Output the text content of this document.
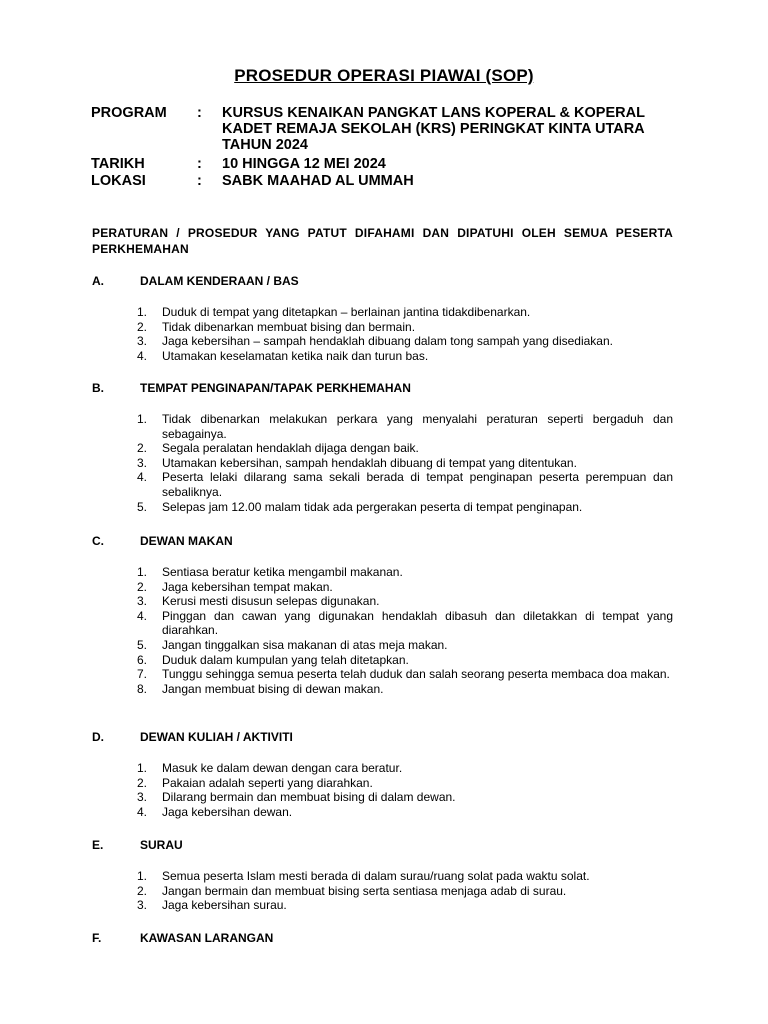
PROSEDUR OPERASI PIAWAI (SOP)
PROGRAM : KURSUS KENAIKAN PANGKAT LANS KOPERAL & KOPERAL KADET REMAJA SEKOLAH (KRS) PERINGKAT KINTA UTARA TAHUN 2024
TARIKH	: 10 HINGGA 12 MEI 2024
LOKASI	: SABK MAAHAD AL UMMAH
PERATURAN / PROSEDUR YANG PATUT DIFAHAMI DAN DIPATUHI OLEH SEMUA PESERTA PERKHEMAHAN
A.	DALAM KENDERAAN / BAS
1. Duduk di tempat yang ditetapkan – berlainan jantina tidakdibenarkan.
2. Tidak dibenarkan membuat bising dan bermain.
3. Jaga kebersihan – sampah hendaklah dibuang dalam tong sampah yang disediakan.
4. Utamakan keselamatan ketika naik dan turun bas.
B.	TEMPAT PENGINAPAN/TAPAK PERKHEMAHAN
1. Tidak dibenarkan melakukan perkara yang menyalahi peraturan seperti bergaduh dan sebagainya.
2. Segala peralatan hendaklah dijaga dengan baik.
3. Utamakan kebersihan, sampah hendaklah dibuang di tempat yang ditentukan.
4. Peserta lelaki dilarang sama sekali berada di tempat penginapan peserta perempuan dan sebaliknya.
5. Selepas jam 12.00 malam tidak ada pergerakan peserta di tempat penginapan.
C.	DEWAN MAKAN
1. Sentiasa beratur ketika mengambil makanan.
2. Jaga kebersihan tempat makan.
3. Kerusi mesti disusun selepas digunakan.
4. Pinggan dan cawan yang digunakan hendaklah dibasuh dan diletakkan di tempat yang diarahkan.
5. Jangan tinggalkan sisa makanan di atas meja makan.
6. Duduk dalam kumpulan yang telah ditetapkan.
7. Tunggu sehingga semua peserta telah duduk dan salah seorang peserta membaca doa makan.
8. Jangan membuat bising di dewan makan.
D.	DEWAN KULIAH / AKTIVITI
1. Masuk ke dalam dewan dengan cara beratur.
2. Pakaian adalah seperti yang diarahkan.
3. Dilarang bermain dan membuat bising di dalam dewan.
4. Jaga kebersihan dewan.
E.	SURAU
1. Semua peserta Islam mesti berada di dalam surau/ruang solat pada waktu solat.
2. Jangan bermain dan membuat bising serta sentiasa menjaga adab di surau.
3. Jaga kebersihan surau.
F.	KAWASAN LARANGAN
